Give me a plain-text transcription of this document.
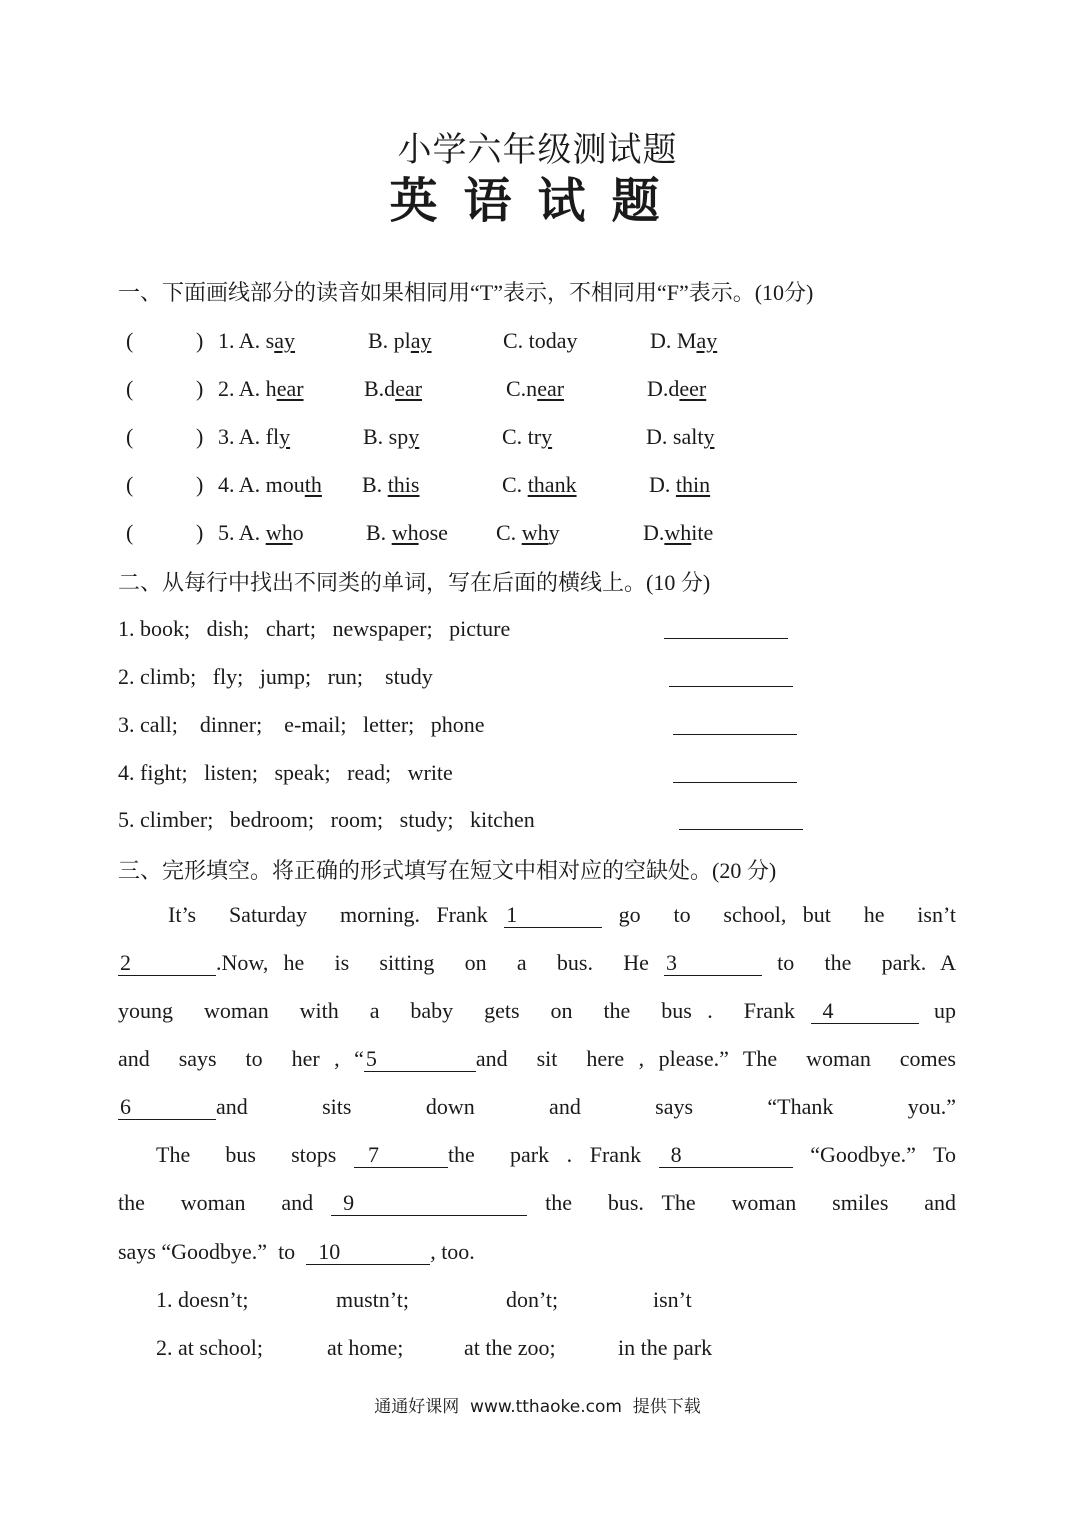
小学六年级测试题
英语试题
一、下面画线部分的读音如果相同用“T”表示，不相同用“F”表示。(10分)
(	) 1. A. say	B. play	C. today	D. May
(	) 2. A. hear	B.dear	C.near	D.deer
(	) 3. A. fly	B. spy	C. try	D. salty
(	) 4. A. mouth B. this	C. thank	D. thin
(	) 5. A. who	B. whose C. why	D.white
二、从每行中找出不同类的单词，写在后面的横线上。(10 分)
1. book;   dish;   chart;   newspaper;   picture
2. climb;   fly;   jump;   run;    study
3. call;    dinner;    e-mail;   letter;   phone
4. fight;   listen;   speak;   read;   write
5. climber;   bedroom;   room;   study;   kitchen
三、完形填空。将正确的形式填写在短文中相对应的空缺处。(20 分)
It’s  Saturday  morning. Frank 1	go  to  school, but  he  isn’t
2	.Now, he  is  sitting  on  a  bus.  He 3	to  the  park. A
young  woman  with  a  baby  gets  on  the  bus .  Frank 4	up
and  says  to  her , “5	and  sit  here , please.” The  woman  comes
6	and  sits  down  and  says  “Thank  you.”
The  bus  stops 7	the  park . Frank 8	“Goodbye.” To
the  woman  and 9	the  bus. The  woman  smiles  and
says “Goodbye.”  to 10	, too.
1. doesn’t;	mustn’t;	don’t;	isn’t
2. at school;	at home;	at the zoo;	in the park
通通好课网  www.tthaoke.com  提供下载
